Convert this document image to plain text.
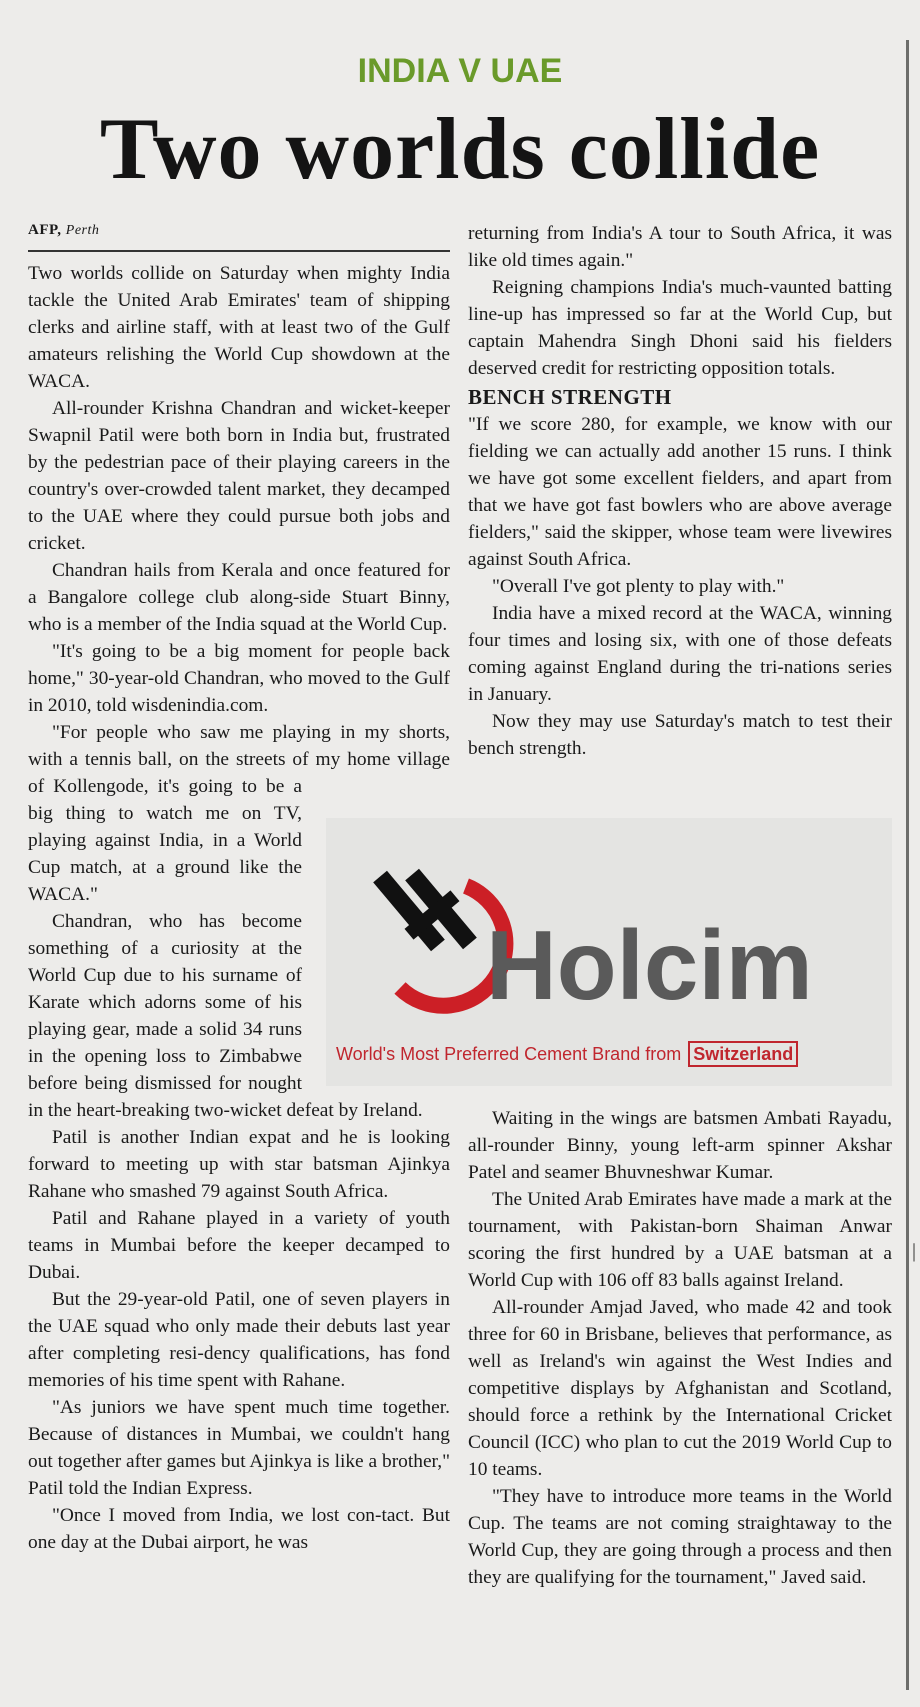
INDIA V UAE
Two worlds collide
AFP, Perth

Two worlds collide on Saturday when mighty India tackle the United Arab Emirates' team of shipping clerks and airline staff, with at least two of the Gulf amateurs relishing the World Cup showdown at the WACA.

All-rounder Krishna Chandran and wicket-keeper Swapnil Patil were both born in India but, frustrated by the pedestrian pace of their playing careers in the country's over-crowded talent market, they decamped to the UAE where they could pursue both jobs and cricket.

Chandran hails from Kerala and once featured for a Bangalore college club along-side Stuart Binny, who is a member of the India squad at the World Cup.

"It's going to be a big moment for people back home," 30-year-old Chandran, who moved to the Gulf in 2010, told wisdenindia.com.

"For people who saw me playing in my shorts, with a tennis ball, on the streets of my home village of Kollengode, it's going to be a big thing to watch me on TV, playing against India, in a World Cup match, at a ground like the WACA."

Chandran, who has become something of a curiosity at the World Cup due to his surname of Karate which adorns some of his playing gear, made a solid 34 runs in the opening loss to Zimbabwe before being dismissed for nought in the heart-breaking two-wicket defeat by Ireland.

Patil is another Indian expat and he is looking forward to meeting up with star batsman Ajinkya Rahane who smashed 79 against South Africa.

Patil and Rahane played in a variety of youth teams in Mumbai before the keeper decamped to Dubai.

But the 29-year-old Patil, one of seven players in the UAE squad who only made their debuts last year after completing resi-dency qualifications, has fond memories of his time spent with Rahane.

"As juniors we have spent much time together. Because of distances in Mumbai, we couldn't hang out together after games but Ajinkya is like a brother," Patil told the Indian Express.

"Once I moved from India, we lost con-tact. But one day at the Dubai airport, he was

returning from India's A tour to South Africa, it was like old times again."

Reigning champions India's much-vaunted batting line-up has impressed so far at the World Cup, but captain Mahendra Singh Dhoni said his fielders deserved credit for restricting opposition totals.

BENCH STRENGTH

"If we score 280, for example, we know with our fielding we can actually add another 15 runs. I think we have got some excellent fielders, and apart from that we have got fast bowlers who are above average fielders," said the skipper, whose team were livewires against South Africa.

"Overall I've got plenty to play with."

India have a mixed record at the WACA, winning four times and losing six, with one of those defeats coming against England during the tri-nations series in January.

Now they may use Saturday's match to test their bench strength.

Waiting in the wings are batsmen Ambati Rayadu, all-rounder Binny, young left-arm spinner Akshar Patel and seamer Bhuvneshwar Kumar.

The United Arab Emirates have made a mark at the tournament, with Pakistan-born Shaiman Anwar scoring the first hundred by a UAE batsman at a World Cup with 106 off 83 balls against Ireland.

All-rounder Amjad Javed, who made 42 and took three for 60 in Brisbane, believes that performance, as well as Ireland's win against the West Indies and competitive displays by Afghanistan and Scotland, should force a rethink by the International Cricket Council (ICC) who plan to cut the 2019 World Cup to 10 teams.

"They have to introduce more teams in the World Cup. The teams are not coming straightaway to the World Cup, they are going through a process and then they are qualifying for the tournament," Javed said.

Holcim
World's Most Preferred Cement Brand from Switzerland
|
